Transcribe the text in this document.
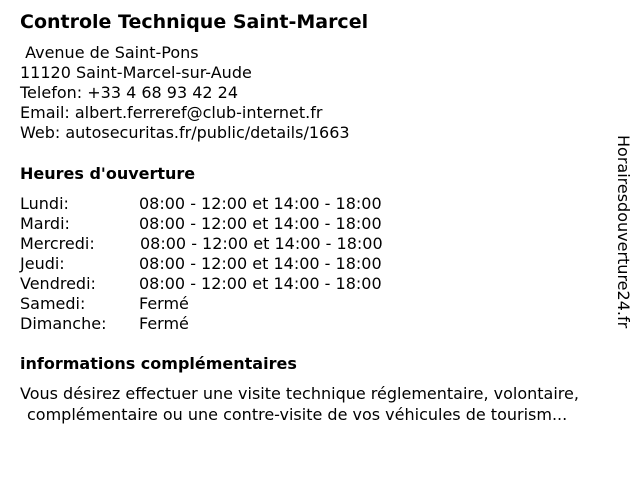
Controle Technique Saint-Marcel
Avenue de Saint-Pons
11120 Saint-Marcel-sur-Aude
Telefon: +33 4 68 93 42 24
Email: albert.ferreref@club-internet.fr
Web: autosecuritas.fr/public/details/1663
Heures d'ouverture
Lundi:	08:00 - 12:00 et 14:00 - 18:00
Mardi:	08:00 - 12:00 et 14:00 - 18:00
Mercredi:	08:00 - 12:00 et 14:00 - 18:00
Jeudi:	08:00 - 12:00 et 14:00 - 18:00
Vendredi:	08:00 - 12:00 et 14:00 - 18:00
Samedi:	Fermé
Dimanche: Fermé
informations complémentaires
Vous désirez effectuer une visite technique réglementaire, volontaire,
complémentaire ou une contre-visite de vos véhicules de tourism...
Horairesdouverture24.fr
